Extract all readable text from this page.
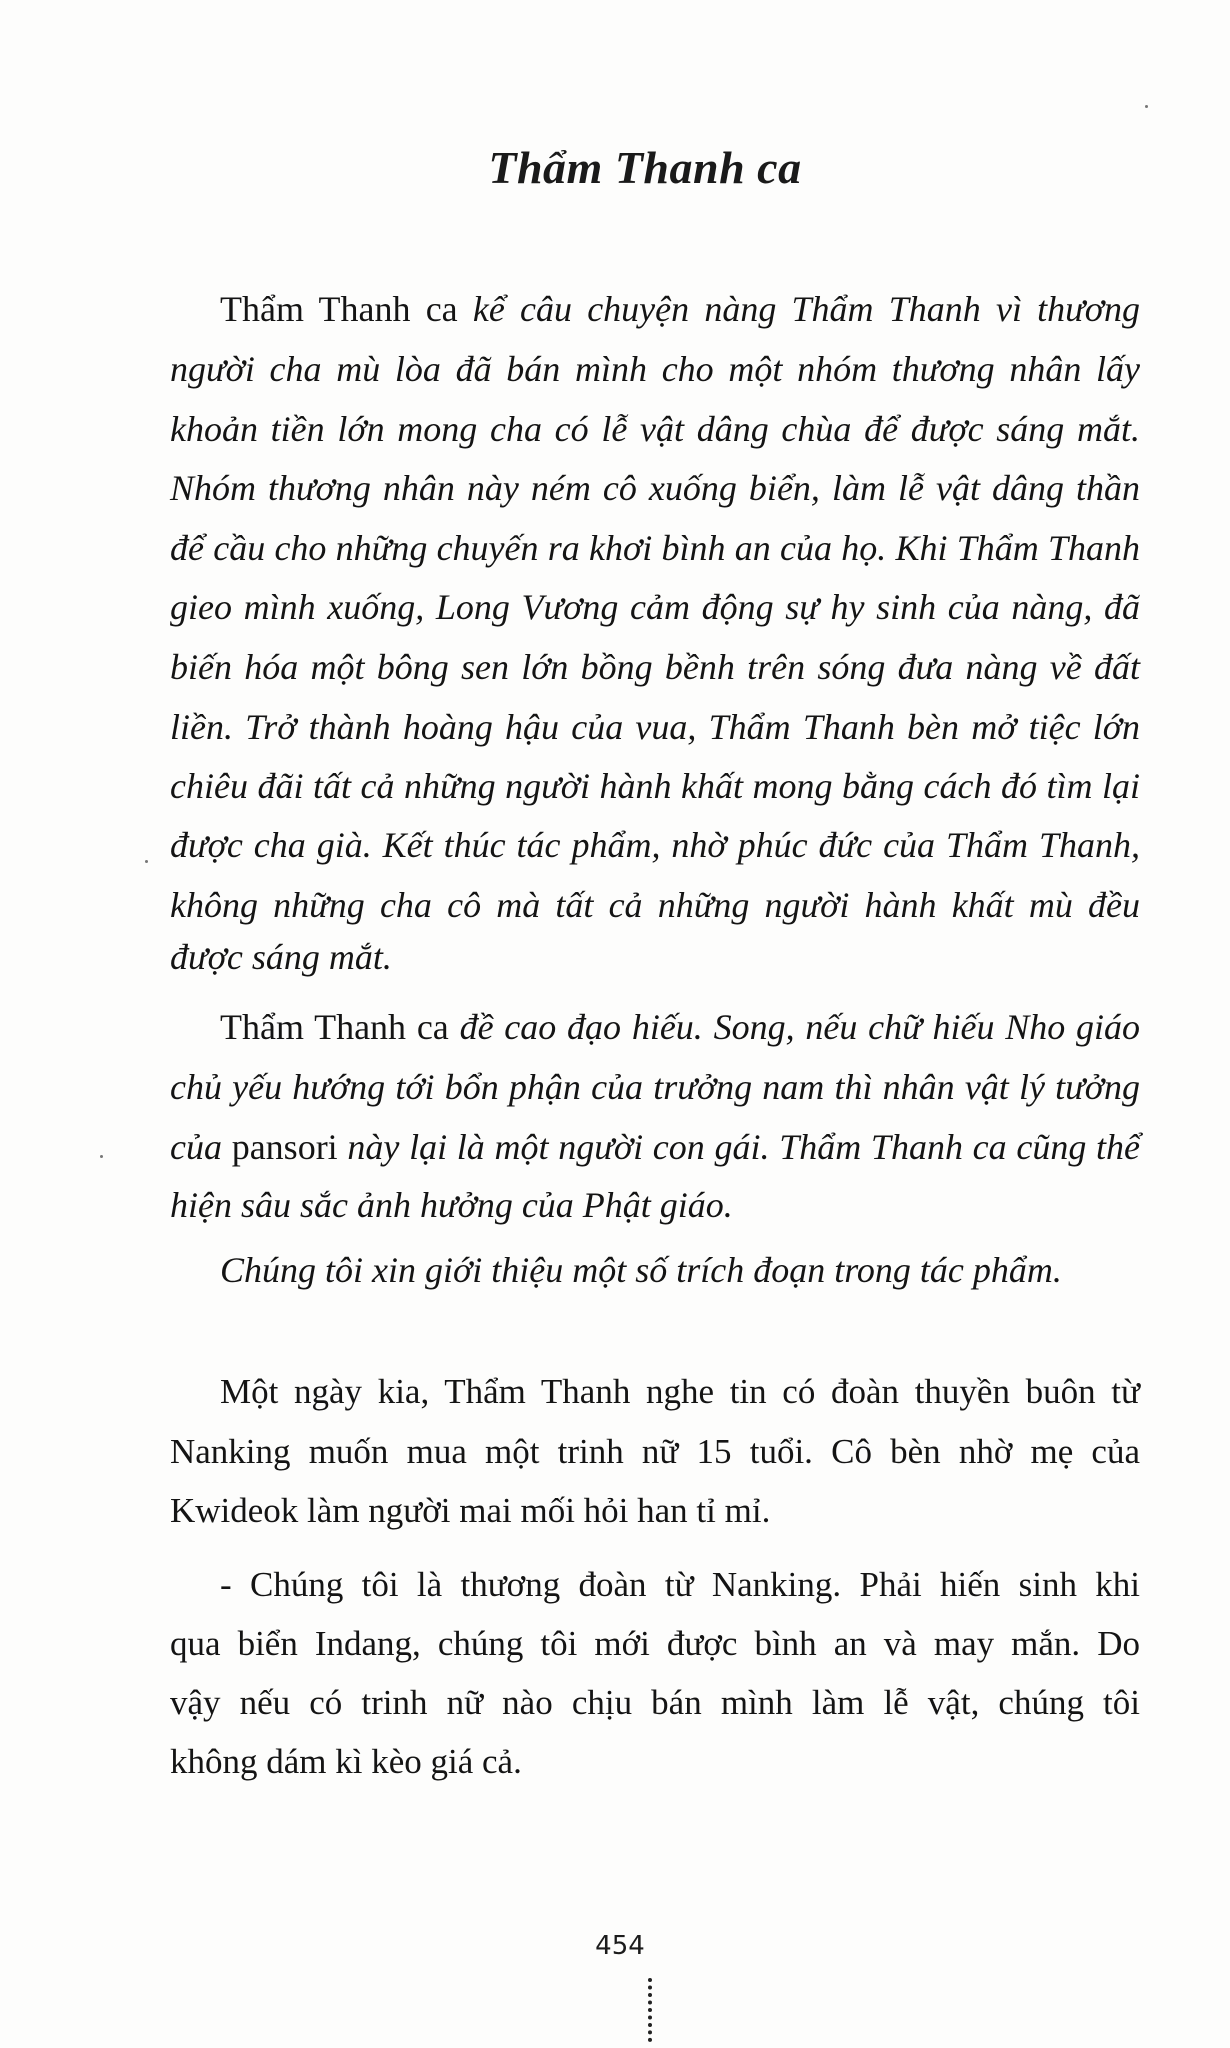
Thẩm Thanh ca
Thẩm Thanh ca kể câu chuyện nàng Thẩm Thanh vì thương
người cha mù lòa đã bán mình cho một nhóm thương nhân lấy
khoản tiền lớn mong cha có lễ vật dâng chùa để được sáng mắt.
Nhóm thương nhân này ném cô xuống biển, làm lễ vật dâng thần
để cầu cho những chuyến ra khơi bình an của họ. Khi Thẩm Thanh
gieo mình xuống, Long Vương cảm động sự hy sinh của nàng, đã
biến hóa một bông sen lớn bồng bềnh trên sóng đưa nàng về đất
liền. Trở thành hoàng hậu của vua, Thẩm Thanh bèn mở tiệc lớn
chiêu đãi tất cả những người hành khất mong bằng cách đó tìm lại
được cha già. Kết thúc tác phẩm, nhờ phúc đức của Thẩm Thanh,
không những cha cô mà tất cả những người hành khất mù đều
được sáng mắt.
Thẩm Thanh ca đề cao đạo hiếu. Song, nếu chữ hiếu Nho giáo
chủ yếu hướng tới bổn phận của trưởng nam thì nhân vật lý tưởng
của pansori này lại là một người con gái. Thẩm Thanh ca cũng thể
hiện sâu sắc ảnh hưởng của Phật giáo.
Chúng tôi xin giới thiệu một số trích đoạn trong tác phẩm.
Một ngày kia, Thẩm Thanh nghe tin có đoàn thuyền buôn từ
Nanking muốn mua một trinh nữ 15 tuổi. Cô bèn nhờ mẹ của
Kwideok làm người mai mối hỏi han tỉ mỉ.
- Chúng tôi là thương đoàn từ Nanking. Phải hiến sinh khi
qua biển Indang, chúng tôi mới được bình an và may mắn. Do
vậy nếu có trinh nữ nào chịu bán mình làm lễ vật, chúng tôi
không dám kì kèo giá cả.
454
